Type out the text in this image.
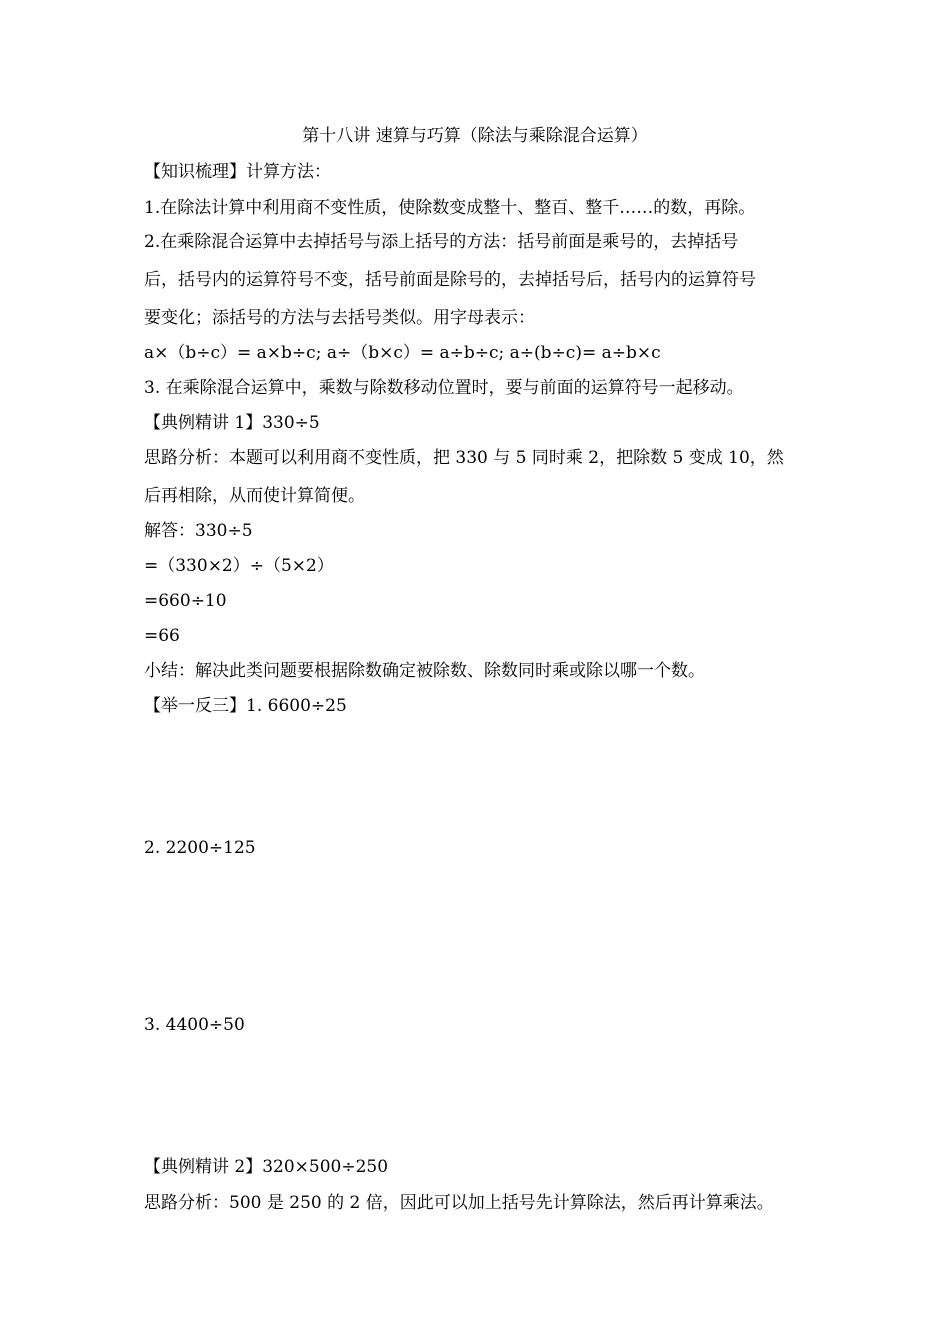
第十八讲 速算与巧算（除法与乘除混合运算）
【知识梳理】计算方法：
1.在除法计算中利用商不变性质，使除数变成整十、整百、整千……的数，再除。
2.在乘除混合运算中去掉括号与添上括号的方法：括号前面是乘号的，去掉括号
后，括号内的运算符号不变，括号前面是除号的，去掉括号后，括号内的运算符号
要变化；添括号的方法与去括号类似。用字母表示：
a×（b÷c）= a×b÷c; a÷（b×c）= a÷b÷c; a÷(b÷c)= a÷b×c
3. 在乘除混合运算中，乘数与除数移动位置时，要与前面的运算符号一起移动。
【典例精讲 1】330÷5
思路分析：本题可以利用商不变性质，把 330 与 5 同时乘 2，把除数 5 变成 10，然
后再相除，从而使计算简便。
解答：330÷5
=（330×2）÷（5×2）
=660÷10
=66
小结：解决此类问题要根据除数确定被除数、除数同时乘或除以哪一个数。
【举一反三】1. 6600÷25
2. 2200÷125
3. 4400÷50
【典例精讲 2】320×500÷250
思路分析：500 是 250 的 2 倍，因此可以加上括号先计算除法，然后再计算乘法。
